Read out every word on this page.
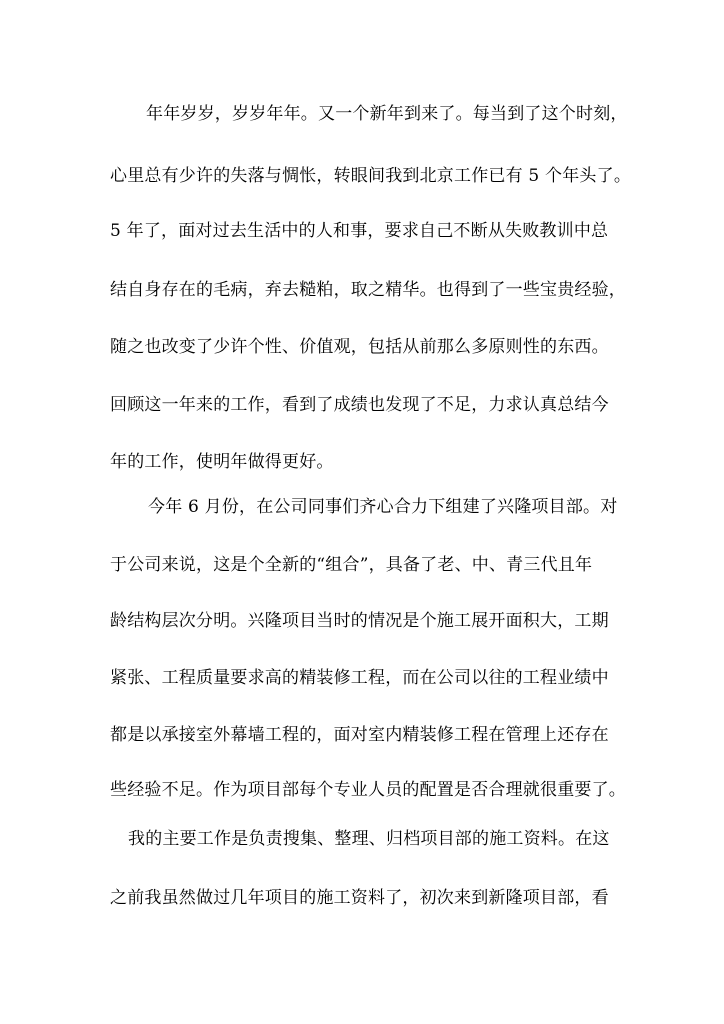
年年岁岁，岁岁年年。又一个新年到来了。每当到了这个时刻，
心里总有少许的失落与惆怅，转眼间我到北京工作已有 5 个年头了。
5 年了，面对过去生活中的人和事，要求自己不断从失败教训中总
结自身存在的毛病，弃去糙粕，取之精华。也得到了一些宝贵经验，
随之也改变了少许个性、价值观，包括从前那么多原则性的东西。
回顾这一年来的工作，看到了成绩也发现了不足，力求认真总结今
年的工作，使明年做得更好。
今年 6 月份，在公司同事们齐心合力下组建了兴隆项目部。对
于公司来说，这是个全新的“组合”，具备了老、中、青三代且年
龄结构层次分明。兴隆项目当时的情况是个施工展开面积大，工期
紧张、工程质量要求高的精装修工程，而在公司以往的工程业绩中
都是以承接室外幕墙工程的，面对室内精装修工程在管理上还存在
些经验不足。作为项目部每个专业人员的配置是否合理就很重要了。
我的主要工作是负责搜集、整理、归档项目部的施工资料。在这
之前我虽然做过几年项目的施工资料了，初次来到新隆项目部，看
